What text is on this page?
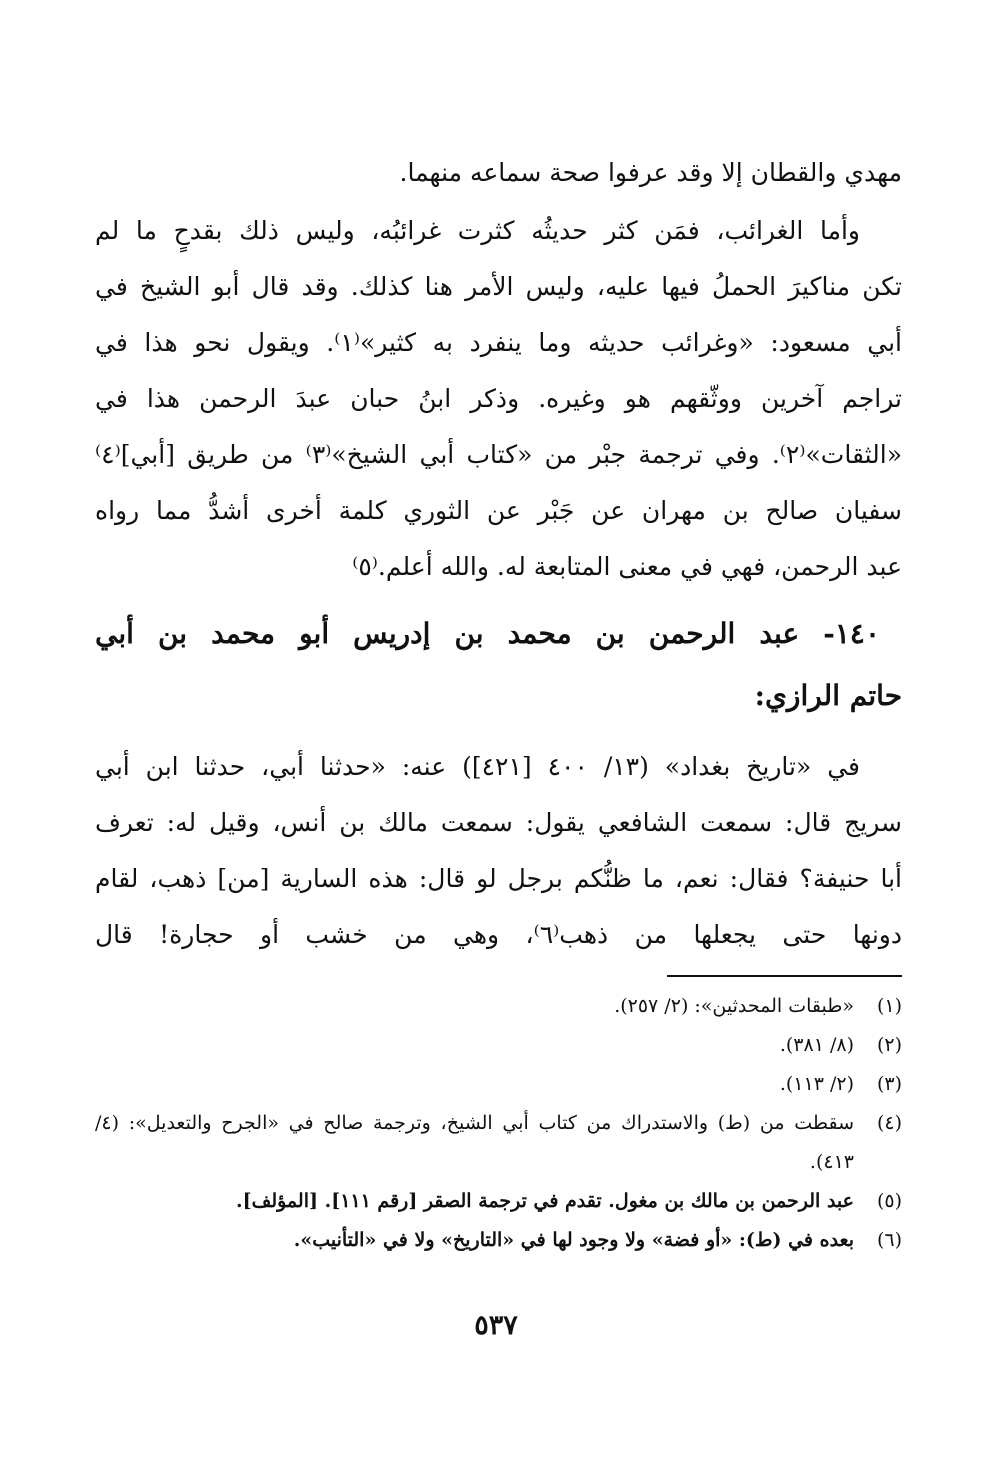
مهدي والقطان إلا وقد عرفوا صحة سماعه منهما.
وأما الغرائب، فمَن كثر حديثُه كثرت غرائبُه، وليس ذلك بقدحٍ ما لم
تكن مناكيرَ الحملُ فيها عليه، وليس الأمر هنا كذلك. وقد قال أبو الشيخ في
أبي مسعود: «وغرائب حديثه وما ينفرد به كثير»⁽١⁾. ويقول نحو هذا في
تراجم آخرين ووثّقهم هو وغيره. وذكر ابنُ حبان عبدَ الرحمن هذا في
«الثقات»⁽٢⁾. وفي ترجمة جبْر من «كتاب أبي الشيخ»⁽٣⁾ من طريق [أبي]⁽٤⁾
سفيان صالح بن مهران عن جَبْر عن الثوري كلمة أخرى أشدُّ مما رواه
عبد الرحمن، فهي في معنى المتابعة له. والله أعلم.⁽٥⁾
١٤٠- عبد الرحمن بن محمد بن إدريس أبو محمد بن أبي
حاتم الرازي:
في «تاريخ بغداد» (١٣/ ٤٠٠ [٤٢١]) عنه: «حدثنا أبي، حدثنا ابن أبي
سريج قال: سمعت الشافعي يقول: سمعت مالك بن أنس، وقيل له: تعرف
أبا حنيفة؟ فقال: نعم، ما ظنُّكم برجل لو قال: هذه السارية [من] ذهب، لقام
دونها حتى يجعلها من ذهب⁽٦⁾، وهي من خشب أو حجارة! قال
(١)
«طبقات المحدثين»: (٢/ ٢٥٧).
(٢)
(٨/ ٣٨١).
(٣)
(٢/ ١١٣).
(٤)
سقطت من (ط) والاستدراك من كتاب أبي الشيخ، وترجمة صالح في «الجرح والتعديل»: (٤/ ٤١٣).
(٥)
عبد الرحمن بن مالك بن مغول. تقدم في ترجمة الصقر [رقم ١١١]. [المؤلف].
(٦)
بعده في (ط): «أو فضة» ولا وجود لها في «التاريخ» ولا في «التأنيب».
٥٣٧
